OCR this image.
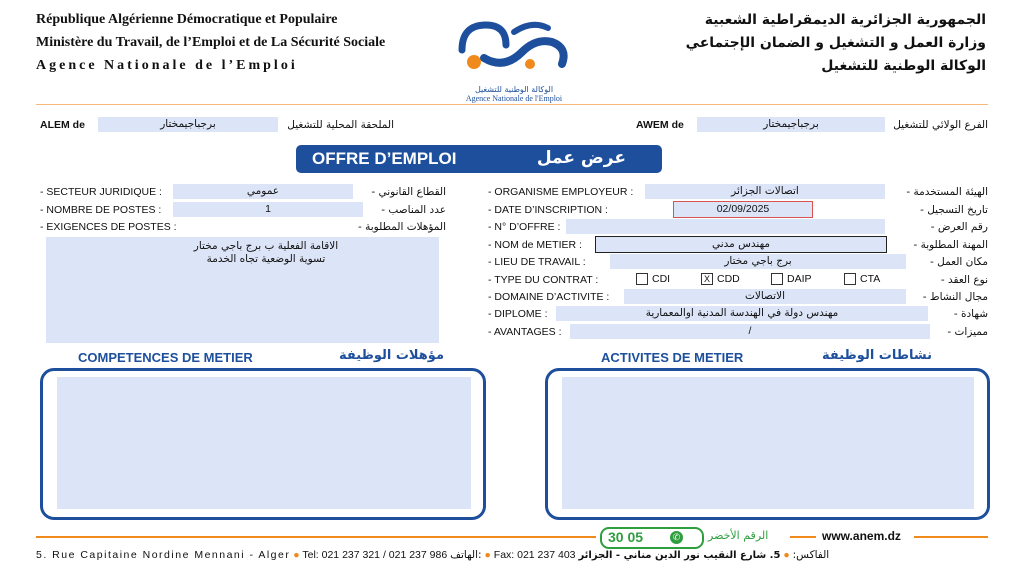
République Algérienne Démocratique et Populaire
Ministère du Travail, de l’Emploi et de La Sécurité Sociale
Agence Nationale de l’Emploi
الجمهورية الجزائرية الديمقراطية الشعبية
وزارة العمل و التشغيل و الضمان الإجتماعي
الوكالة الوطنية للتشغيل
الوكالة الوطنية للتشغيل
Agence Nationale de l'Emploi
ALEM de	برجباجيمختار	الملحقة المحلية للتشغيل	AWEM de	برجباجيمختار	الفرع الولائي للتشغيل
OFFRE D’EMPLOI	عرض عمل
- SECTEUR JURIDIQUE :	عمومي	القطاع القانوني -
- NOMBRE DE POSTES :	1	عدد المناصب -
- EXIGENCES DE POSTES :	المؤهلات المطلوبة -
الاقامة الفعلية ب برج باجي مختار
تسوية الوضعية تجاه الخدمة
- ORGANISME EMPLOYEUR :	اتصالات الجزائر	الهيئة المستخدمة -
- DATE D’INSCRIPTION :	02/09/2025	تاريخ التسجيل -
- N° D’OFFRE :	رقم العرض -
- NOM de METIER :	مهندس مدني	المهنة المطلوبة -
- LIEU DE TRAVAIL :	برج باجي مختار	مكان العمل -
- TYPE DU CONTRAT :	CDI	X CDD	DAIP	CTA	نوع العقد -
- DOMAINE D’ACTIVITE :	الاتصالات	مجال النشاط -
- DIPLOME :	مهندس دولة في الهندسة المدنية اوالمعمارية	شهادة -
- AVANTAGES :	/	مميزات -
COMPETENCES DE METIER	مؤهلات الوظيفة	ACTIVITES DE METIER	نشاطات الوظيفة
30 05	✆	الرقم الأخضر	www.anem.dz
5. Rue Capitaine Nordine Mennani - Alger ● Tel: 021 237 321 / 021 237 986 الهاتف: ● Fax: 021 237 403	الفاكس: ● 5. شارع النقيب نور الدين مناني - الجزائر
